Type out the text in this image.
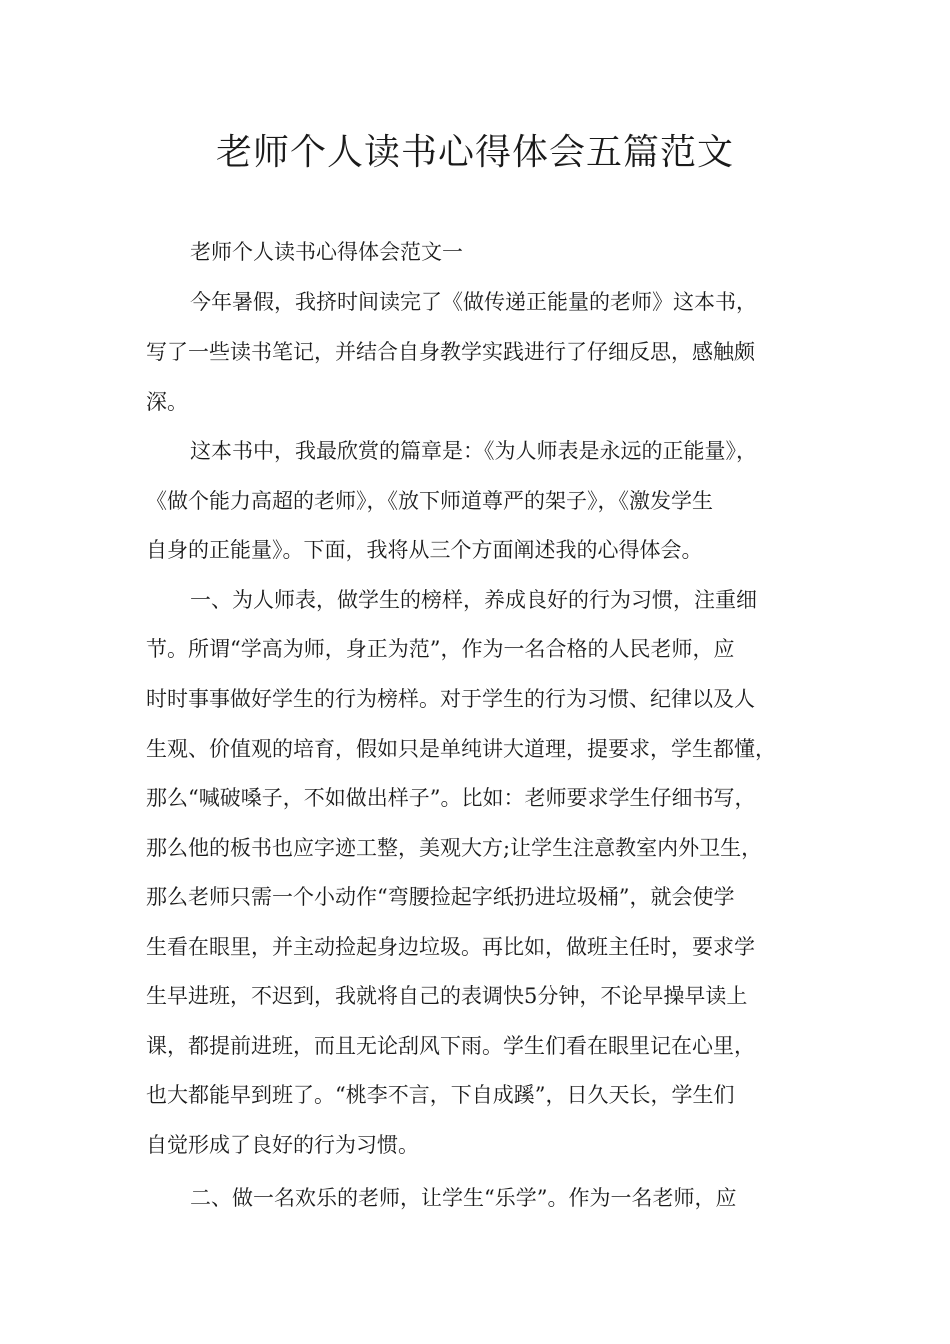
老师个人读书心得体会五篇范文

老师个人读书心得体会范文一

今年暑假，我挤时间读完了《做传递正能量的老师》这本书，

写了一些读书笔记，并结合自身教学实践进行了仔细反思，感触颇

深。

这本书中，我最欣赏的篇章是：《为人师表是永远的正能量》，

《做个能力高超的老师》，《放下师道尊严的架子》，《激发学生

自身的正能量》。下面，我将从三个方面阐述我的心得体会。

一、为人师表，做学生的榜样，养成良好的行为习惯，注重细

节。所谓“学高为师，身正为范”，作为一名合格的人民老师，应

时时事事做好学生的行为榜样。对于学生的行为习惯、纪律以及人

生观、价值观的培育，假如只是单纯讲大道理，提要求，学生都懂，

那么“喊破嗓子，不如做出样子”。比如：老师要求学生仔细书写，

那么他的板书也应字迹工整，美观大方;让学生注意教室内外卫生，

那么老师只需一个小动作“弯腰捡起字纸扔进垃圾桶”，就会使学

生看在眼里，并主动捡起身边垃圾。再比如，做班主任时，要求学

生早进班，不迟到，我就将自己的表调快5分钟，不论早操早读上

课，都提前进班，而且无论刮风下雨。学生们看在眼里记在心里，

也大都能早到班了。“桃李不言，下自成蹊”，日久天长，学生们

自觉形成了良好的行为习惯。

二、做一名欢乐的老师，让学生“乐学”。作为一名老师，应
